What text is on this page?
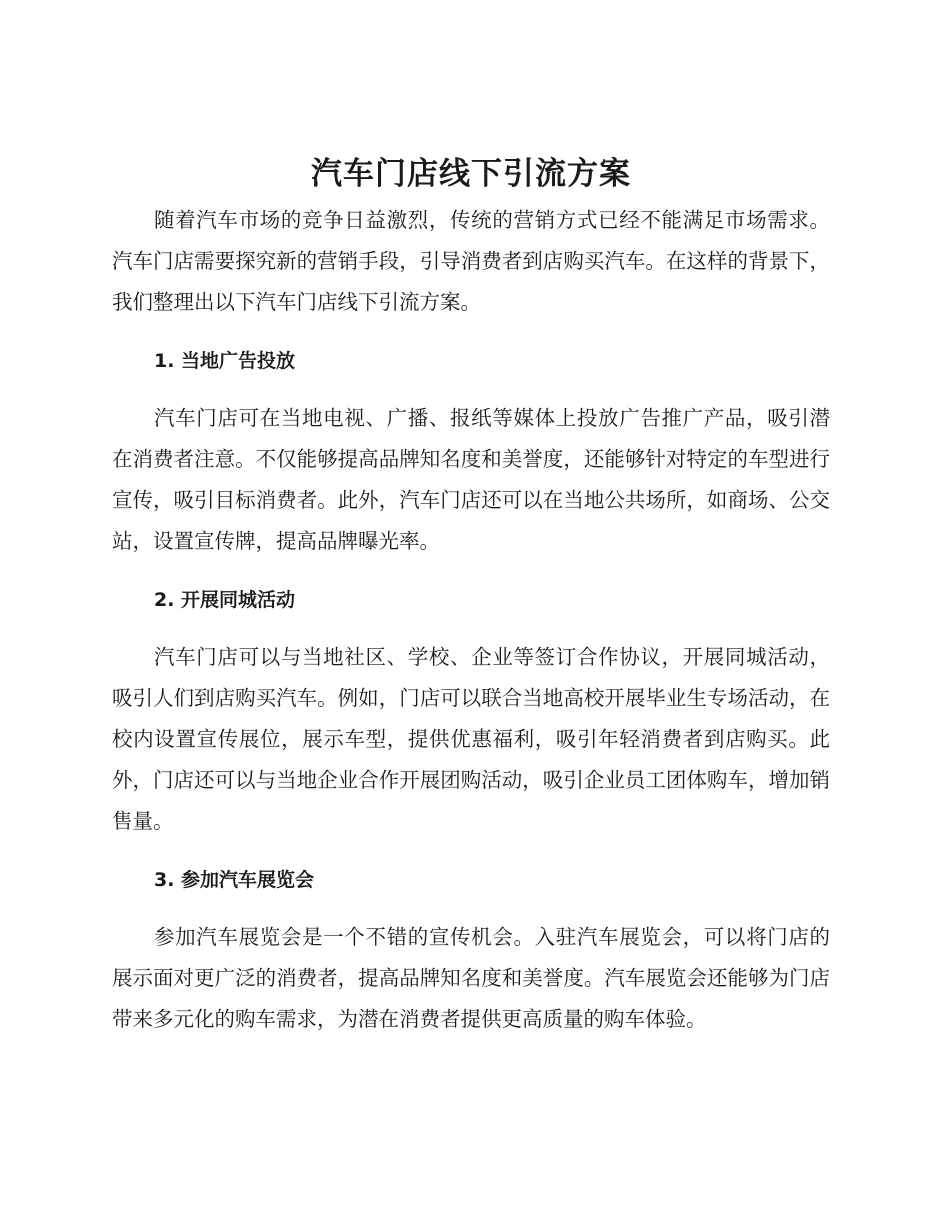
汽车门店线下引流方案

随着汽车市场的竞争日益激烈，传统的营销方式已经不能满足市场需求。汽车门店需要探究新的营销手段，引导消费者到店购买汽车。在这样的背景下，我们整理出以下汽车门店线下引流方案。

1. 当地广告投放

汽车门店可在当地电视、广播、报纸等媒体上投放广告推广产品，吸引潜在消费者注意。不仅能够提高品牌知名度和美誉度，还能够针对特定的车型进行宣传，吸引目标消费者。此外，汽车门店还可以在当地公共场所，如商场、公交站，设置宣传牌，提高品牌曝光率。

2. 开展同城活动

汽车门店可以与当地社区、学校、企业等签订合作协议，开展同城活动，吸引人们到店购买汽车。例如，门店可以联合当地高校开展毕业生专场活动，在校内设置宣传展位，展示车型，提供优惠福利，吸引年轻消费者到店购买。此外，门店还可以与当地企业合作开展团购活动，吸引企业员工团体购车，增加销售量。

3. 参加汽车展览会

参加汽车展览会是一个不错的宣传机会。入驻汽车展览会，可以将门店的展示面对更广泛的消费者，提高品牌知名度和美誉度。汽车展览会还能够为门店带来多元化的购车需求，为潜在消费者提供更高质量的购车体验。
